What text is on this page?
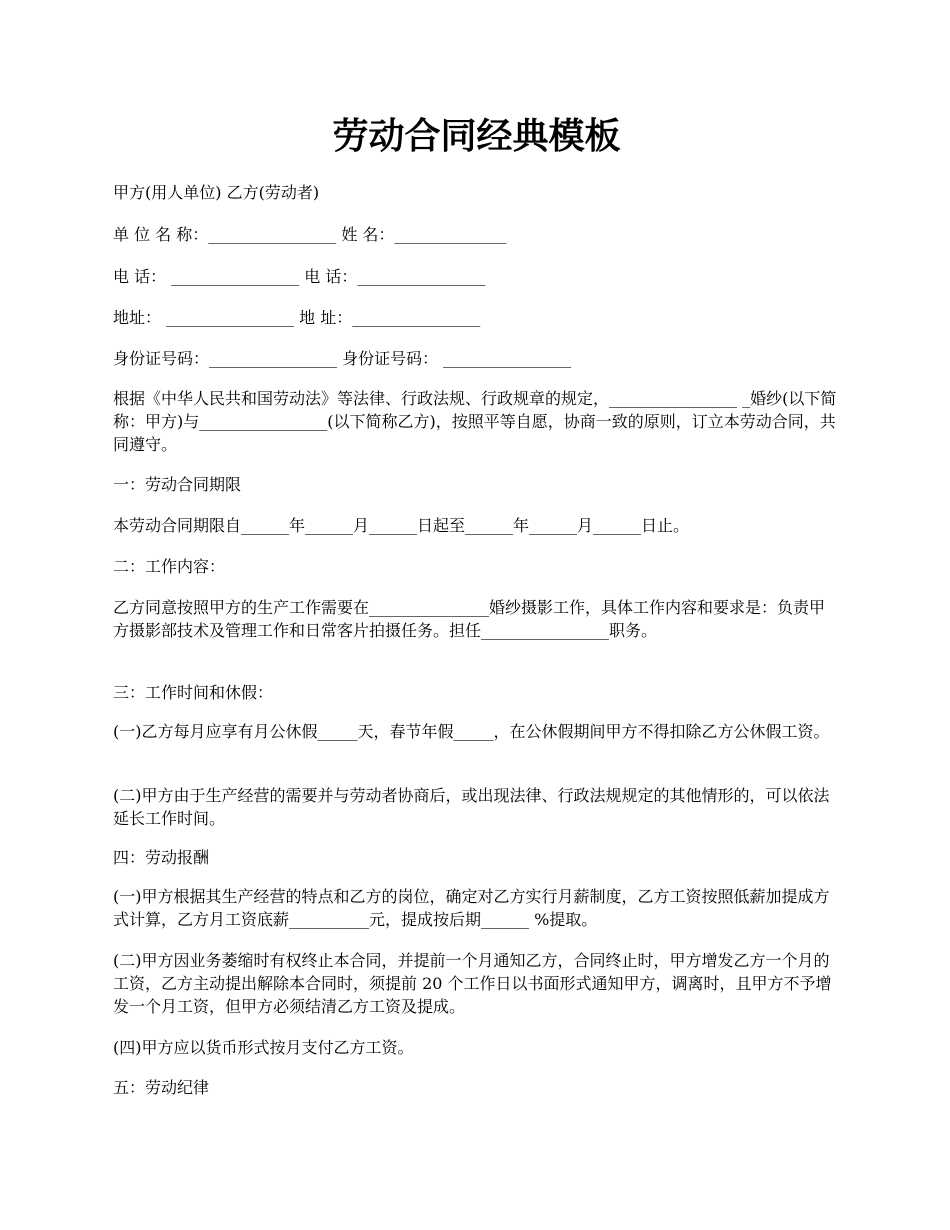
劳动合同经典模板
甲方(用人单位) 乙方(劳动者)
单 位 名 称：________________ 姓 名：______________
电 话： ________________ 电 话：________________
地址： ________________ 地 址：________________
身份证号码：________________ 身份证号码： ________________
根据《中华人民共和国劳动法》等法律、行政法规、行政规章的规定，________________ _婚纱(以下简称：甲方)与________________(以下简称乙方)，按照平等自愿，协商一致的原则，订立本劳动合同，共同遵守。
一：劳动合同期限
本劳动合同期限自______年______月______日起至______年______月______日止。
二：工作内容：
乙方同意按照甲方的生产工作需要在_______________婚纱摄影工作，具体工作内容和要求是：负责甲方摄影部技术及管理工作和日常客片拍摄任务。担任________________职务。
三：工作时间和休假：
(一)乙方每月应享有月公休假_____天，春节年假_____，在公休假期间甲方不得扣除乙方公休假工资。
(二)甲方由于生产经营的需要并与劳动者协商后，或出现法律、行政法规规定的其他情形的，可以依法延长工作时间。
四：劳动报酬
(一)甲方根据其生产经营的特点和乙方的岗位，确定对乙方实行月薪制度，乙方工资按照低薪加提成方式计算，乙方月工资底薪__________元，提成按后期______ %提取。
(二)甲方因业务萎缩时有权终止本合同，并提前一个月通知乙方，合同终止时，甲方增发乙方一个月的工资，乙方主动提出解除本合同时，须提前 20 个工作日以书面形式通知甲方，调离时，且甲方不予增发一个月工资，但甲方必须结清乙方工资及提成。
(四)甲方应以货币形式按月支付乙方工资。
五：劳动纪律
